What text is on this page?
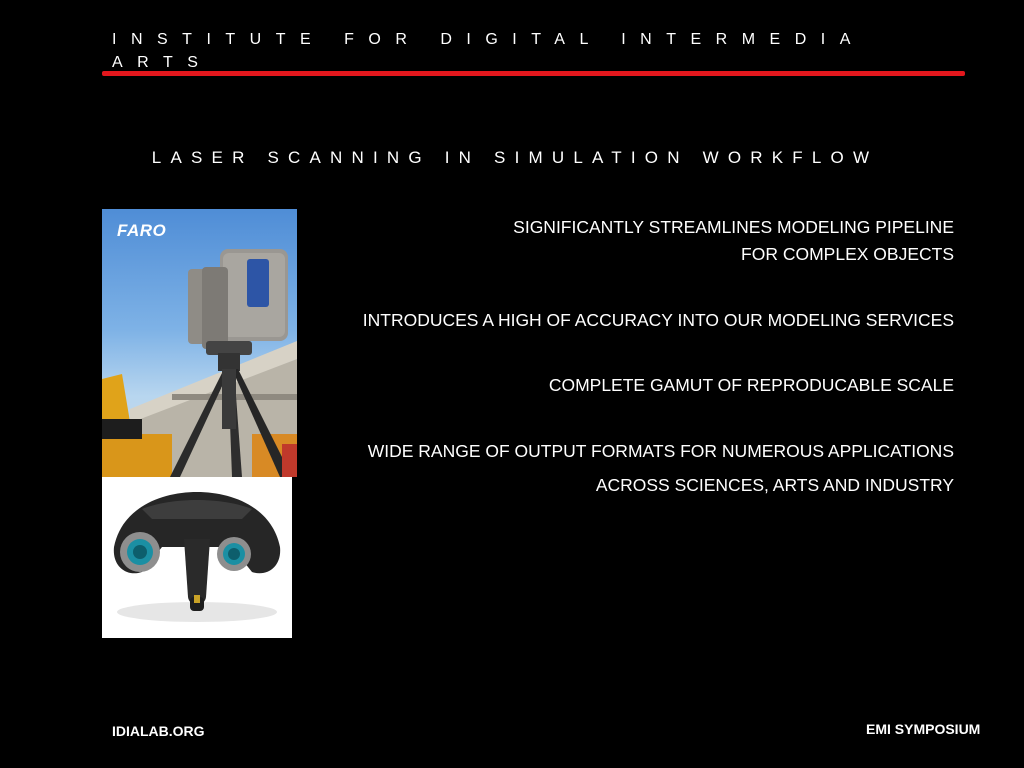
INSTITUTE FOR DIGITAL INTERMEDIA ARTS
LASER SCANNING IN SIMULATION WORKFLOW
FARO	SIGNIFICANTLY STREAMLINES MODELING PIPELINE
FOR COMPLEX OBJECTS
INTRODUCES A HIGH OF ACCURACY INTO OUR MODELING SERVICES
COMPLETE GAMUT OF REPRODUCABLE SCALE
WIDE RANGE OF OUTPUT FORMATS FOR NUMEROUS APPLICATIONS
ACROSS SCIENCES, ARTS AND INDUSTRY
IDIALAB.ORG	EMI SYMPOSIUM
